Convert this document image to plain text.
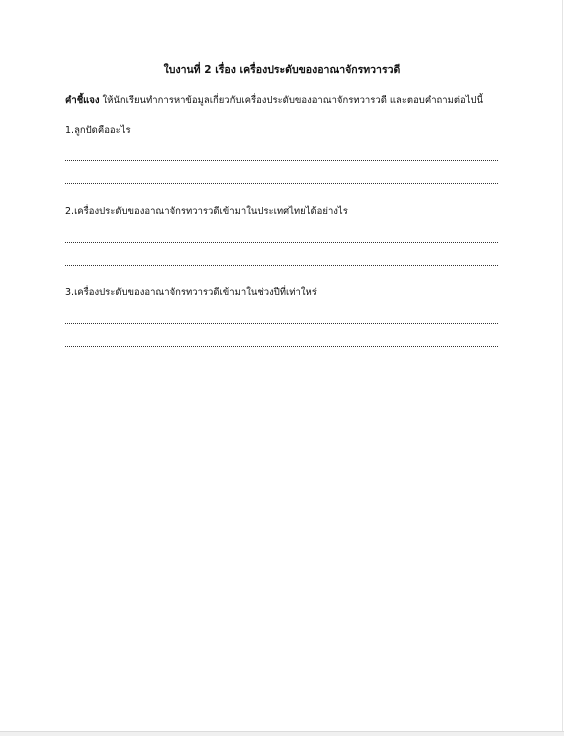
ใบงานที่ 2 เรื่อง เครื่องประดับของอาณาจักรทวารวดี
คำชี้แจง ให้นักเรียนทำการหาข้อมูลเกี่ยวกับเครื่องประดับของอาณาจักรทวารวดี และตอบคำถามต่อไปนี้
1.ลูกปัดคืออะไร
2.เครื่องประดับของอาณาจักรทวารวดีเข้ามาในประเทศไทยได้อย่างไร
3.เครื่องประดับของอาณาจักรทวารวดีเข้ามาในช่วงปีที่เท่าใหร่
